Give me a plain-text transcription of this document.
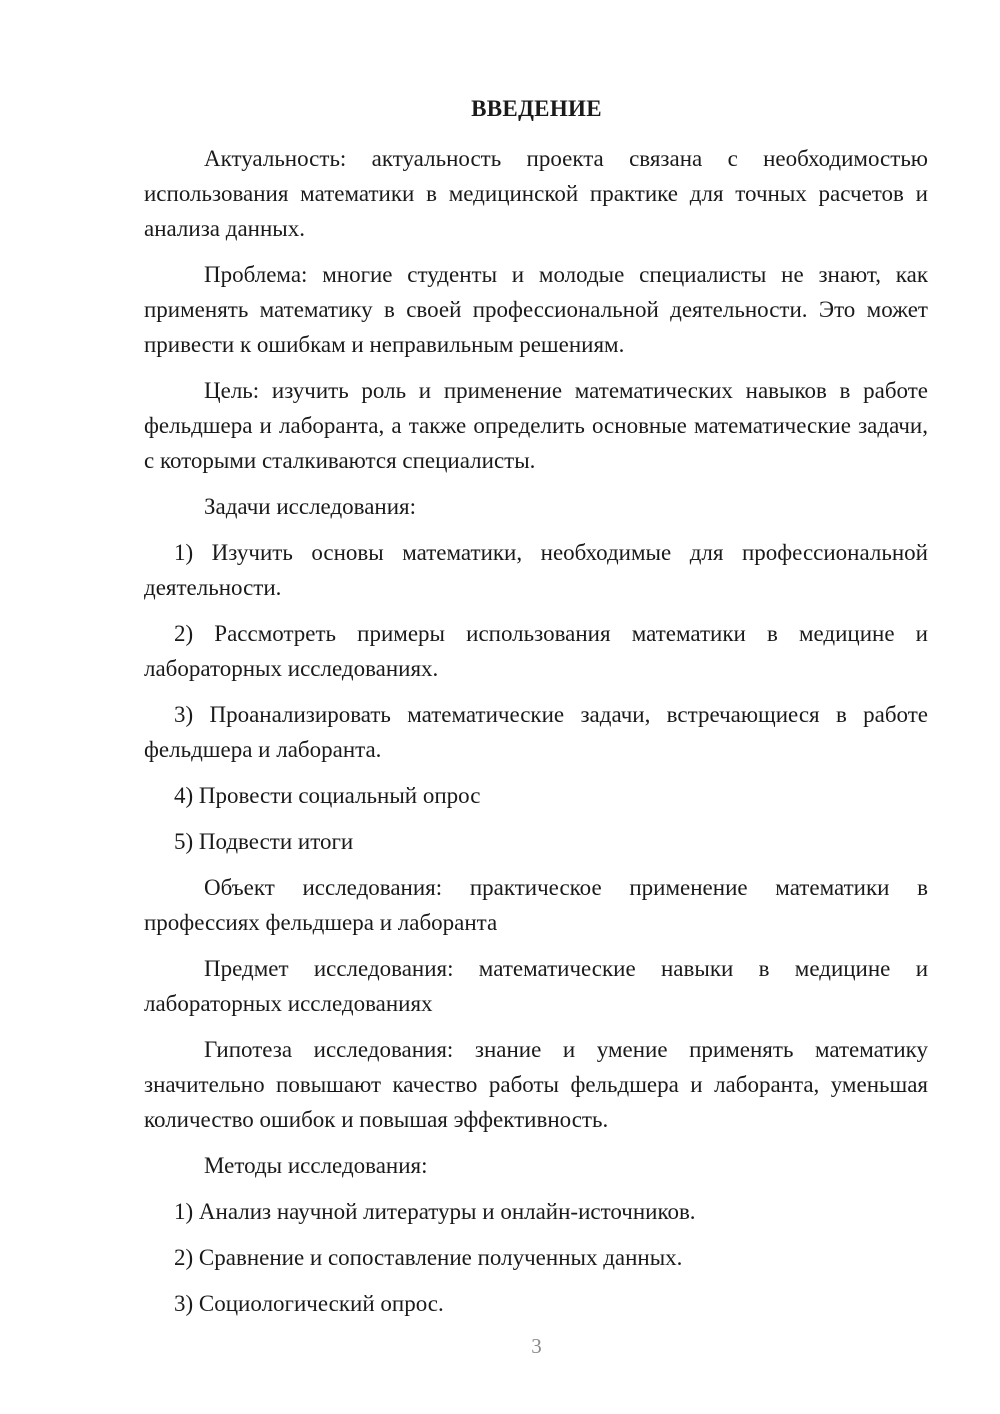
ВВЕДЕНИЕ

Актуальность: актуальность проекта связана с необходимостью использования математики в медицинской практике для точных расчетов и анализа данных.

Проблема: многие студенты и молодые специалисты не знают, как применять математику в своей профессиональной деятельности. Это может привести к ошибкам и неправильным решениям.

Цель: изучить роль и применение математических навыков в работе фельдшера и лаборанта, а также определить основные математические задачи, с которыми сталкиваются специалисты.

Задачи исследования:

1) Изучить основы математики, необходимые для профессиональной деятельности.

2) Рассмотреть примеры использования математики в медицине и лабораторных исследованиях.

3) Проанализировать математические задачи, встречающиеся в работе фельдшера и лаборанта.

4) Провести социальный опрос

5) Подвести итоги

Объект исследования: практическое применение математики в профессиях фельдшера и лаборанта

Предмет исследования: математические навыки в медицине и лабораторных исследованиях

Гипотеза исследования: знание и умение применять математику значительно повышают качество работы фельдшера и лаборанта, уменьшая количество ошибок и повышая эффективность.

Методы исследования:

1) Анализ научной литературы и онлайн-источников.

2) Сравнение и сопоставление полученных данных.

3) Социологический опрос.

3
